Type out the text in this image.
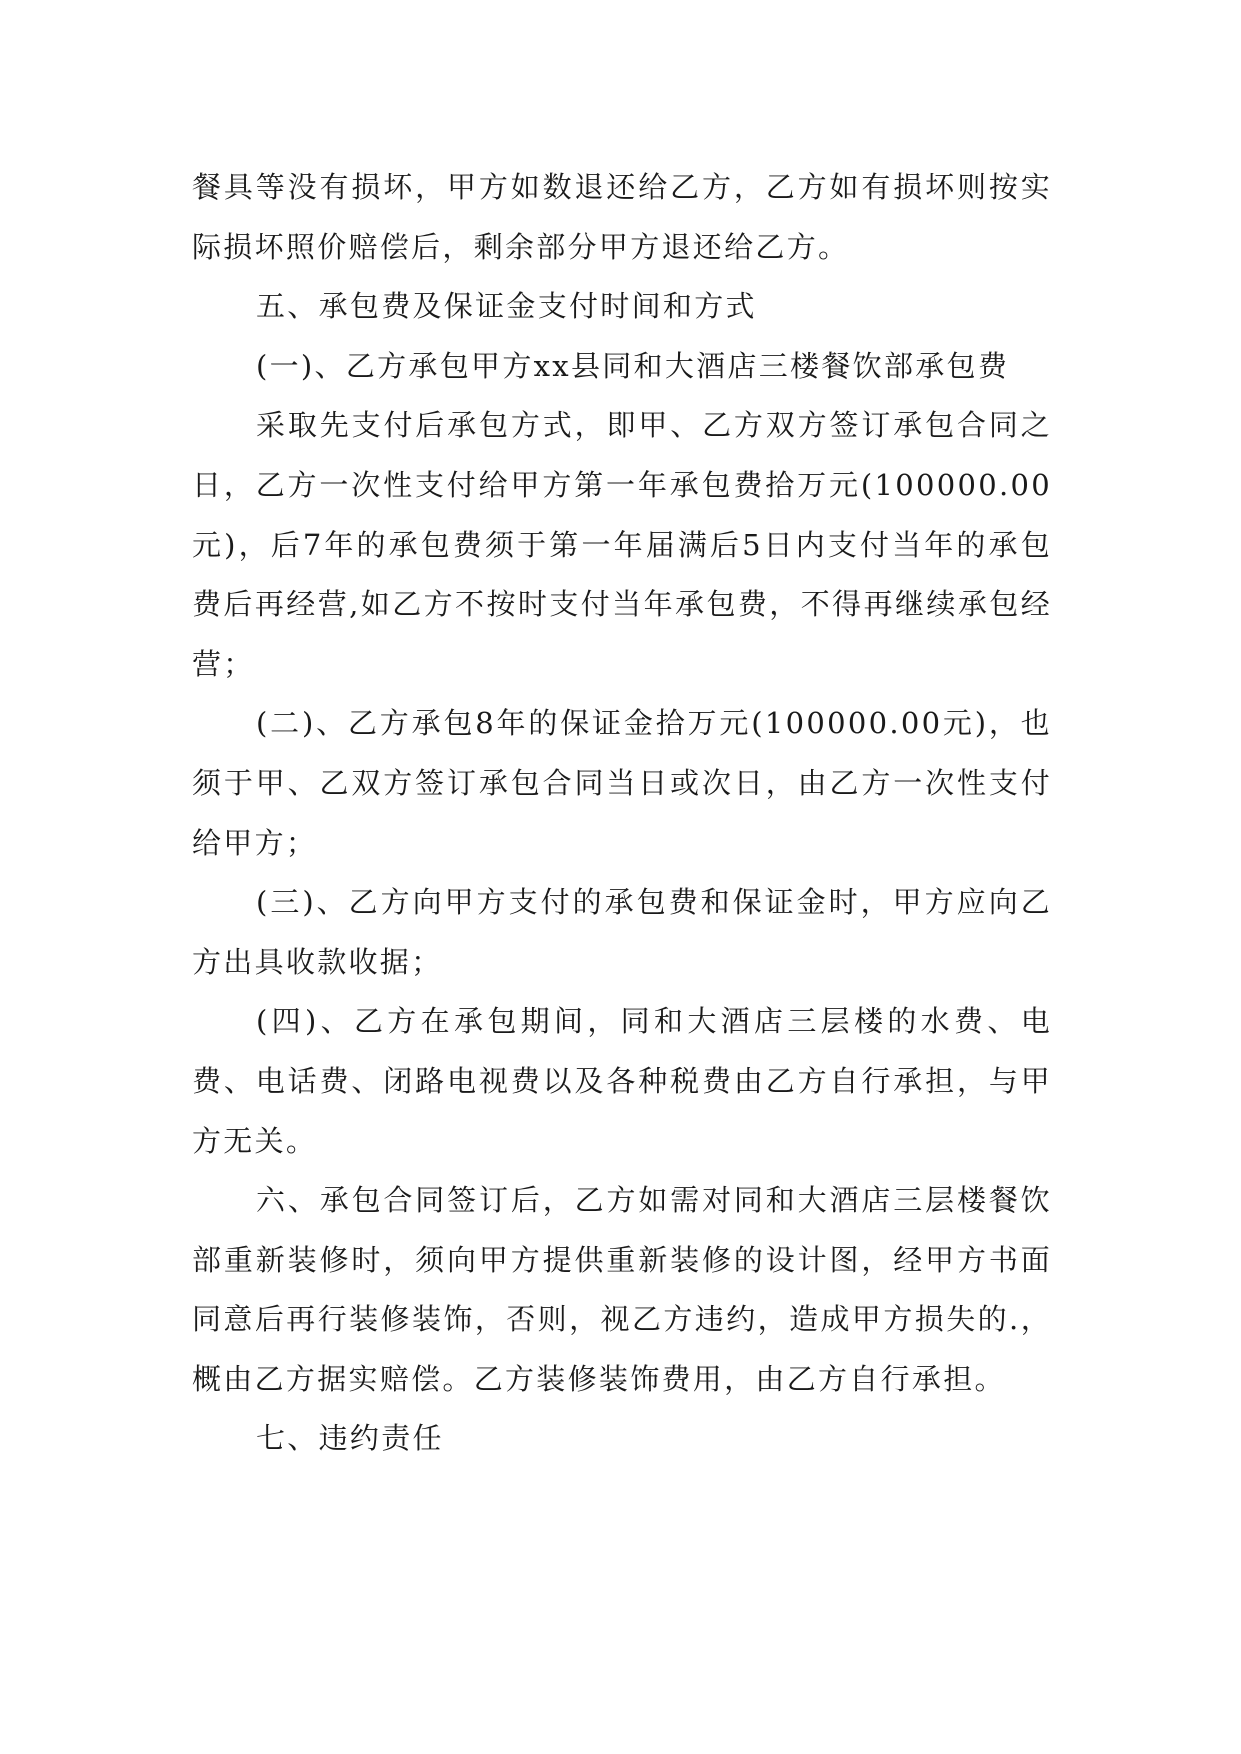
餐具等没有损坏，甲方如数退还给乙方，乙方如有损坏则按实际损坏照价赔偿后，剩余部分甲方退还给乙方。

五、承包费及保证金支付时间和方式

(一)、乙方承包甲方xx县同和大酒店三楼餐饮部承包费

采取先支付后承包方式，即甲、乙方双方签订承包合同之日，乙方一次性支付给甲方第一年承包费拾万元(100000.00元)，后7年的承包费须于第一年届满后5日内支付当年的承包费后再经营,如乙方不按时支付当年承包费，不得再继续承包经营；

(二)、乙方承包8年的保证金拾万元(100000.00元)，也须于甲、乙双方签订承包合同当日或次日，由乙方一次性支付给甲方；

(三)、乙方向甲方支付的承包费和保证金时，甲方应向乙方出具收款收据；

(四)、乙方在承包期间，同和大酒店三层楼的水费、电费、电话费、闭路电视费以及各种税费由乙方自行承担，与甲方无关。

六、承包合同签订后，乙方如需对同和大酒店三层楼餐饮部重新装修时，须向甲方提供重新装修的设计图，经甲方书面同意后再行装修装饰，否则，视乙方违约，造成甲方损失的.，概由乙方据实赔偿。乙方装修装饰费用，由乙方自行承担。

七、违约责任
